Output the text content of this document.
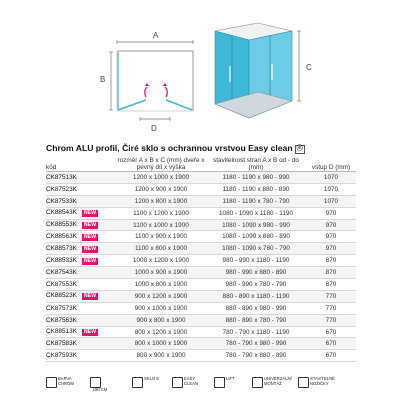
A
B
D
C
Chrom ALU profil, Čiré sklo s ochrannou vrstvou Easy clean ⓔ
kód	rozměr A x B x C (mm) dveře x pevný díl x výška	stavitelnost stran A x B od - do (mm)	vstup D (mm)
CK87513K	1200 x 1000 x 1900	1180 - 1190 x 980 - 990	1070
CK87523K	1200 x 900 x 1900	1180 - 1190 x 880 - 890	1070
CK87533K	1200 x 800 x 1900	1180 - 1190 x 780 - 790	1070
CK88543K NEW	1100 x 1200 x 1900	1080 - 1090 x 1180 - 1190	970
CK88553K NEW	1100 x 1000 x 1900	1080 - 1090 x 980 - 990	970
CK88563K NEW	1100 x 900 x 1900	1080 - 1090 x 880 - 890	970
CK88573K NEW	1100 x 800 x 1900	1080 - 1090 x 780 - 790	970
CK88533K NEW	1000 x 1200 x 1900	980 - 990 x 1180 - 1190	870
CK87543K	1000 x 900 x 1900	980 - 990 x 880 - 890	870
CK87553K	1000 x 800 x 1900	980 - 990 x 780 - 790	870
CK88523K NEW	900 x 1200 x 1900	880 - 890 x 1180 - 1190	770
CK87573K	900 x 1000 x 1900	880 - 890 x 980 - 990	770
CK87563K	900 x 800 x 1900	880 - 890 x 780 - 790	770
CK88513K NEW	800 x 1200 x 1900	780 - 790 x 1180 - 1190	670
CK87583K	800 x 1000 x 1900	780 - 790 x 980 - 990	670
CK87593K	800 x 900 x 1900	780 - 790 x 880 - 890	670
BARVA CHROM
190 CM
SKLO 6	EASY CLEAN
LIFT	UNIVERZÁLNÍ MONTÁŽ
STAVITELNÉ NOŽIČKY
